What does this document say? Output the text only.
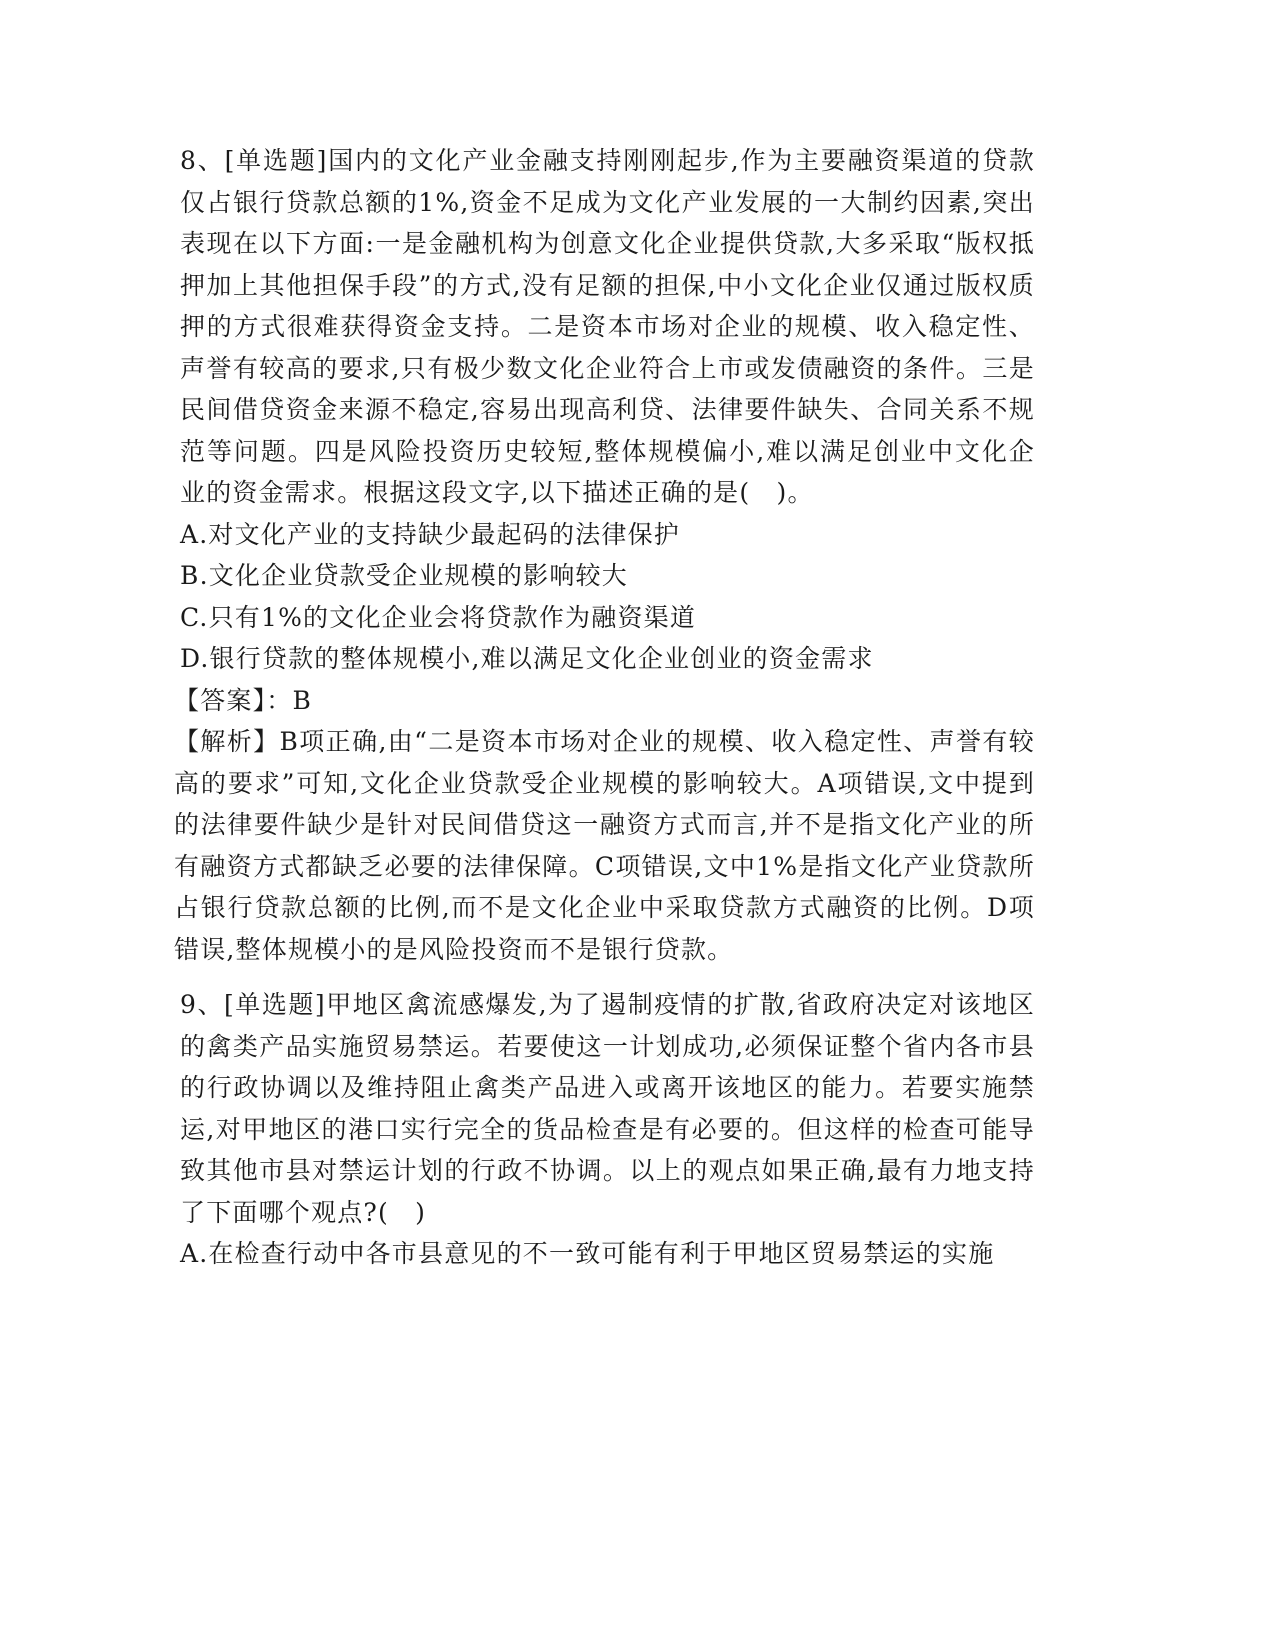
8、[单选题]国内的文化产业金融支持刚刚起步,作为主要融资渠道的贷款仅占银行贷款总额的1%,资金不足成为文化产业发展的一大制约因素,突出表现在以下方面:一是金融机构为创意文化企业提供贷款,大多采取“版权抵押加上其他担保手段”的方式,没有足额的担保,中小文化企业仅通过版权质押的方式很难获得资金支持。二是资本市场对企业的规模、收入稳定性、声誉有较高的要求,只有极少数文化企业符合上市或发债融资的条件。三是民间借贷资金来源不稳定,容易出现高利贷、法律要件缺失、合同关系不规范等问题。四是风险投资历史较短,整体规模偏小,难以满足创业中文化企业的资金需求。根据这段文字,以下描述正确的是(　)。

A.对文化产业的支持缺少最起码的法律保护

B.文化企业贷款受企业规模的影响较大

C.只有1%的文化企业会将贷款作为融资渠道

D.银行贷款的整体规模小,难以满足文化企业创业的资金需求

【答案】：B

【解析】B项正确,由“二是资本市场对企业的规模、收入稳定性、声誉有较高的要求”可知,文化企业贷款受企业规模的影响较大。A项错误,文中提到的法律要件缺少是针对民间借贷这一融资方式而言,并不是指文化产业的所有融资方式都缺乏必要的法律保障。C项错误,文中1%是指文化产业贷款所占银行贷款总额的比例,而不是文化企业中采取贷款方式融资的比例。D项错误,整体规模小的是风险投资而不是银行贷款。

9、[单选题]甲地区禽流感爆发,为了遏制疫情的扩散,省政府决定对该地区的禽类产品实施贸易禁运。若要使这一计划成功,必须保证整个省内各市县的行政协调以及维持阻止禽类产品进入或离开该地区的能力。若要实施禁运,对甲地区的港口实行完全的货品检查是有必要的。但这样的检查可能导致其他市县对禁运计划的行政不协调。以上的观点如果正确,最有力地支持了下面哪个观点?(　)

A.在检查行动中各市县意见的不一致可能有利于甲地区贸易禁运的实施
